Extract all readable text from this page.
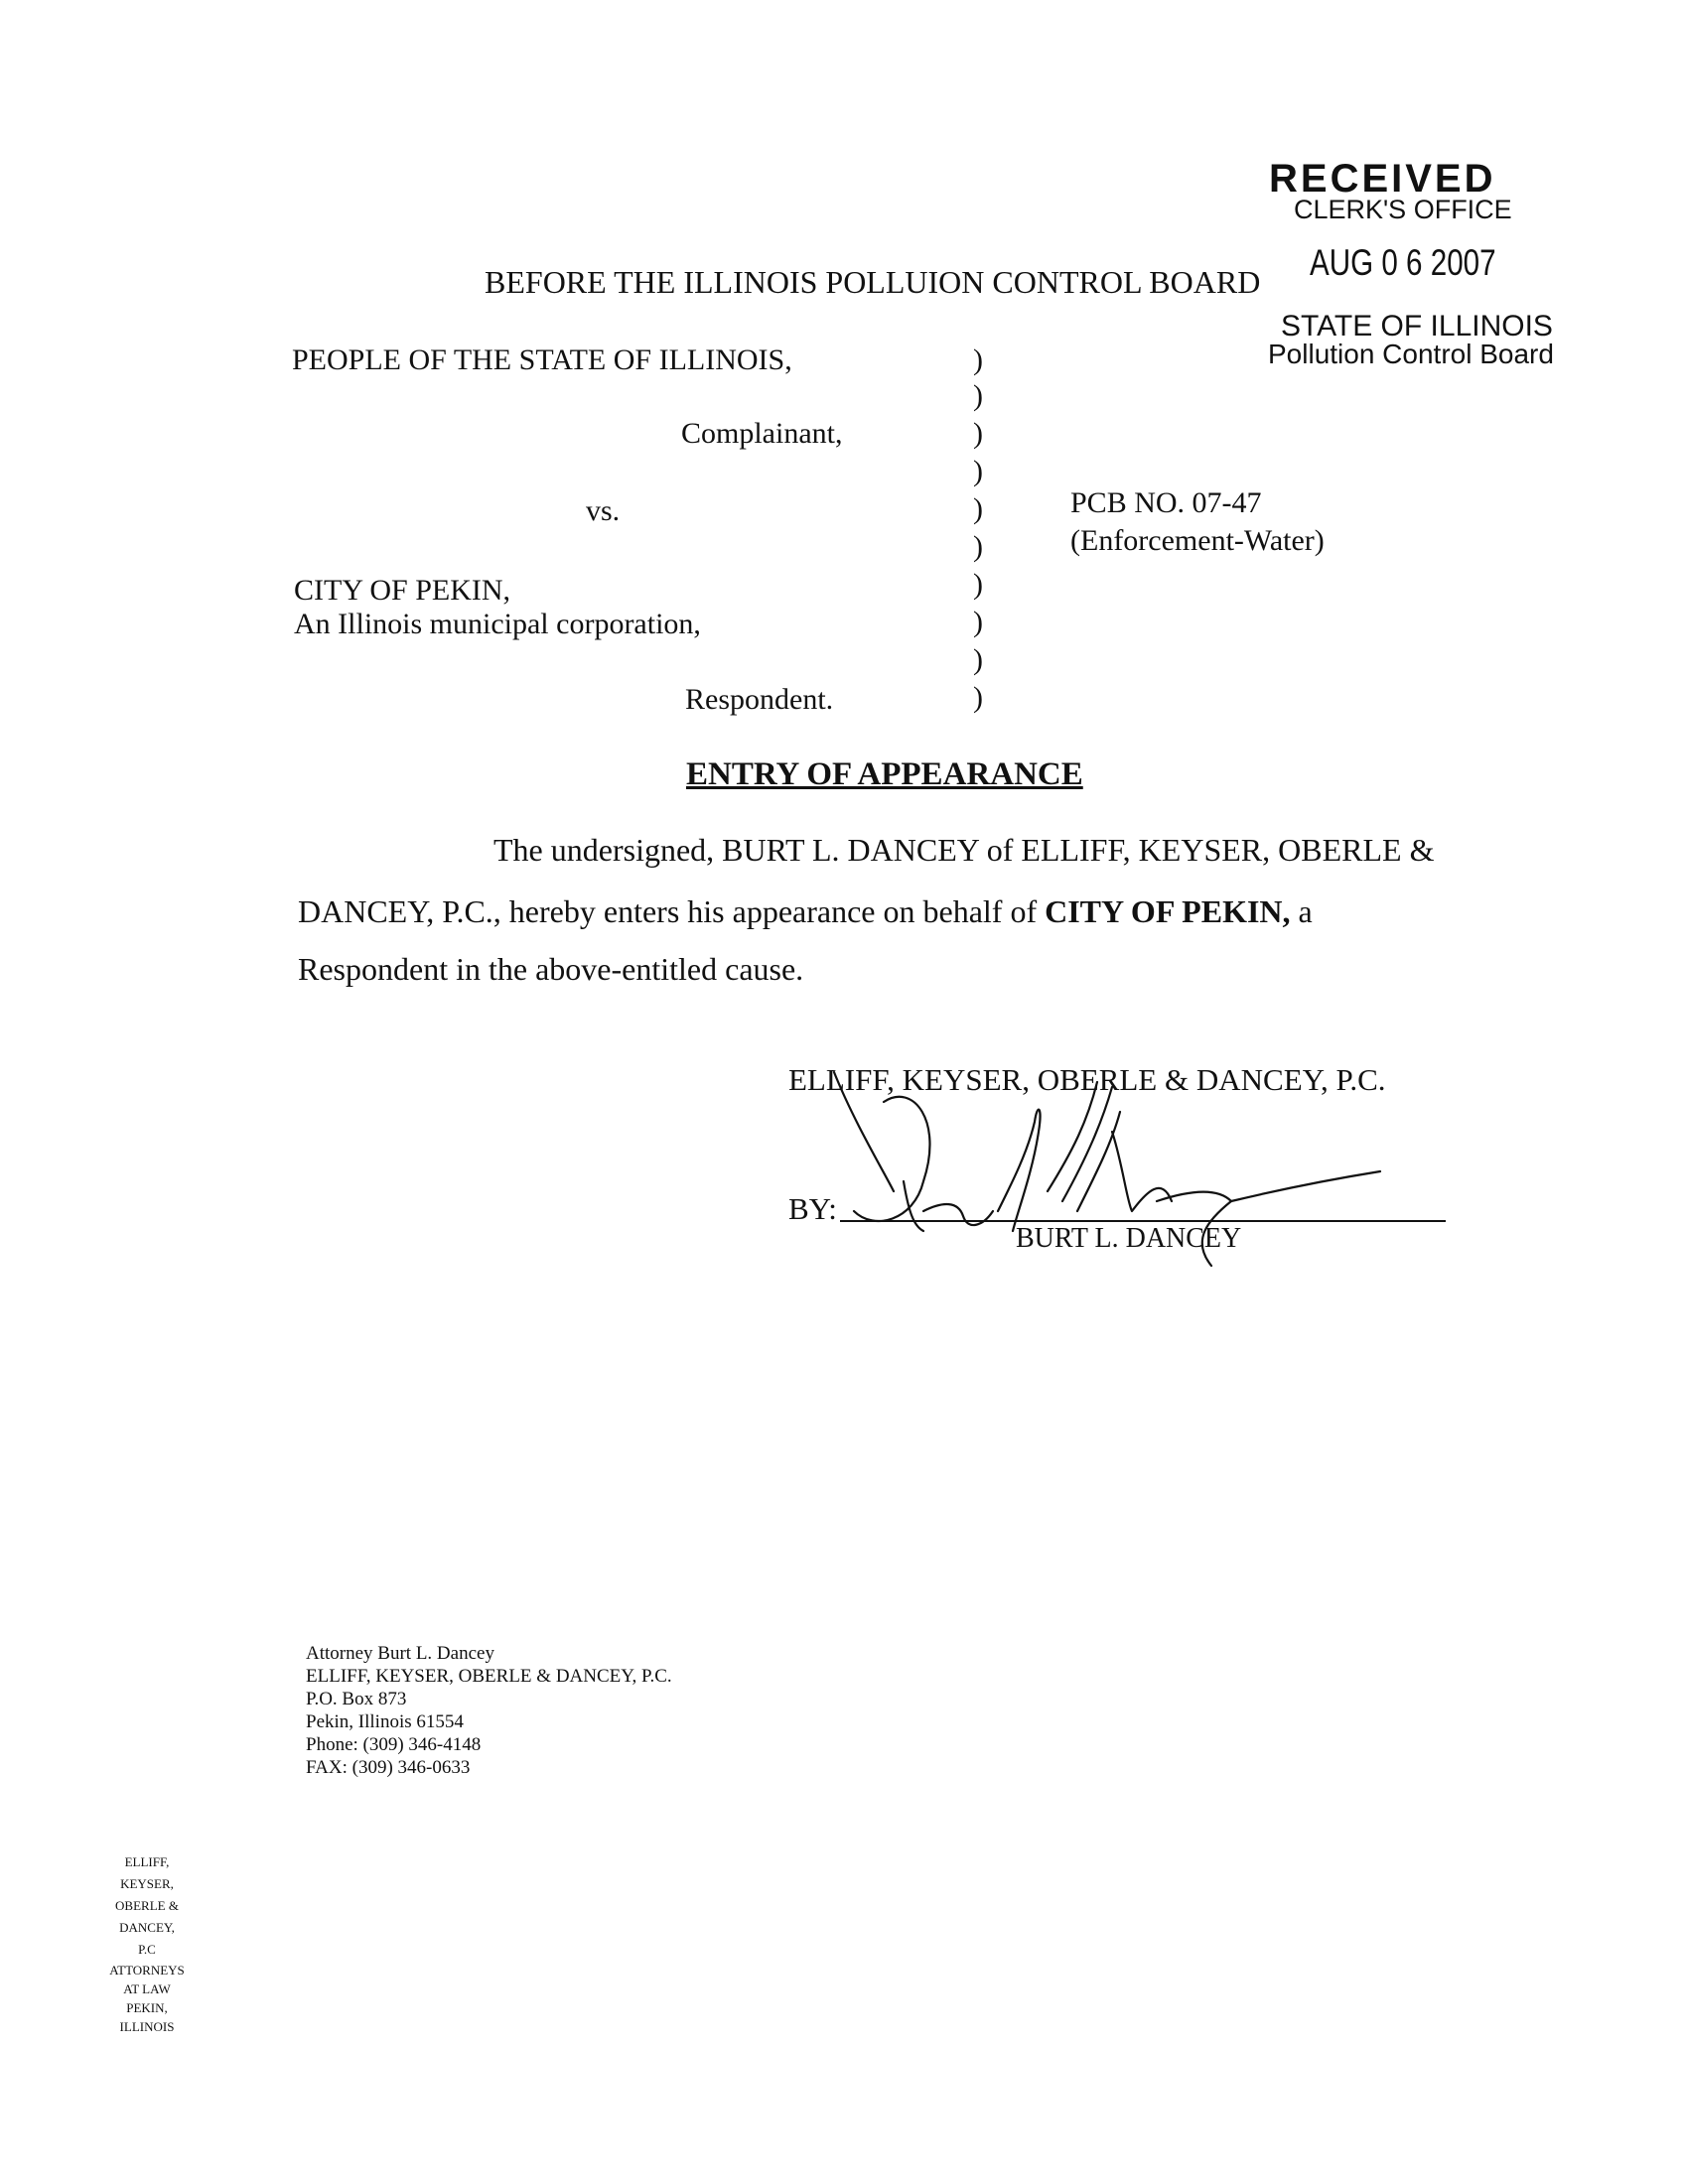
RECEIVED
CLERK'S OFFICE
AUG 0 6 2007
STATE OF ILLINOIS
Pollution Control Board
BEFORE THE ILLINOIS POLLUION CONTROL BOARD
PEOPLE OF THE STATE OF ILLINOIS,
Complainant,
vs.
CITY OF PEKIN,
An Illinois municipal corporation,
Respondent.
)
)
)
)
)
)
)
)
)
)
PCB NO. 07-47
(Enforcement-Water)
ENTRY OF APPEARANCE
The undersigned, BURT L. DANCEY of ELLIFF, KEYSER, OBERLE &
DANCEY, P.C., hereby enters his appearance on behalf of CITY OF PEKIN, a
Respondent in the above-entitled cause.
ELLIFF, KEYSER, OBERLE & DANCEY, P.C.
BY:
BURT L. DANCEY
Attorney Burt L. Dancey
ELLIFF, KEYSER, OBERLE & DANCEY, P.C.
P.O. Box 873
Pekin, Illinois 61554
Phone: (309) 346-4148
FAX: (309) 346-0633
ELLIFF,
KEYSER,
OBERLE &
DANCEY,
P.C
ATTORNEYS
AT LAW
PEKIN,
ILLINOIS
